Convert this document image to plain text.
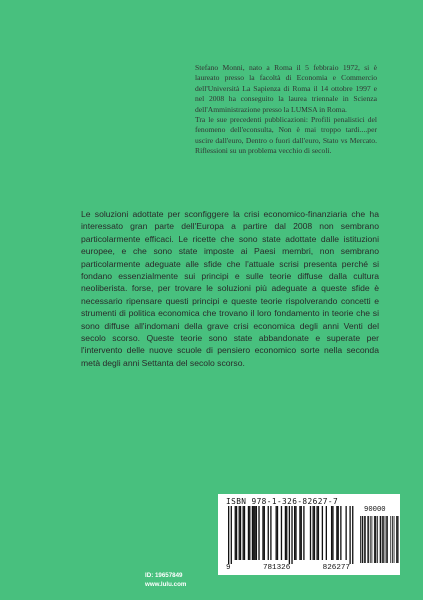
Stefano Monni, nato a Roma il 5 febbraio 1972, si è laureato presso la facoltà di Economia e Commercio dell'Università La Sapienza di Roma il 14 ottobre 1997 e nel 2008 ha conseguito la laurea triennale in Scienza dell'Amministrazione presso la LUMSA in Roma.

Tra le sue precedenti pubblicazioni: Profili penalistici del fenomeno dell'econsulta, Non è mai troppo tardi....per uscire dall'euro, Dentro o fuori dall'euro, Stato vs Mercato. Riflessioni su un problema vecchio di secoli.

Le soluzioni adottate per sconfiggere la crisi economico-finanziaria che ha interessato gran parte dell'Europa a partire dal 2008 non sembrano particolarmente efficaci. Le ricette che sono state adottate dalle istituzioni europee, e che sono state imposte ai Paesi membri, non sembrano particolarmente adeguate alle sfide che l'attuale scrisi presenta perché si fondano essenzialmente sui principi e sulle teorie diffuse dalla cultura neoliberista. forse, per trovare le soluzioni più adeguate a queste sfide è necessario ripensare questi principi e queste teorie rispolverando concetti e strumenti di politica economica che trovano il loro fondamento in teorie che si sono diffuse all'indomani della grave crisi economica degli anni Venti del secolo scorso. Queste teorie sono state abbandonate e superate per l'intervento delle nuove scuole di pensiero economico sorte nella seconda metà degli anni Settanta del secolo scorso.

ID: 19657849
www.lulu.com
ISBN 978-1-326-82627-7
90000
9	781326	826277
